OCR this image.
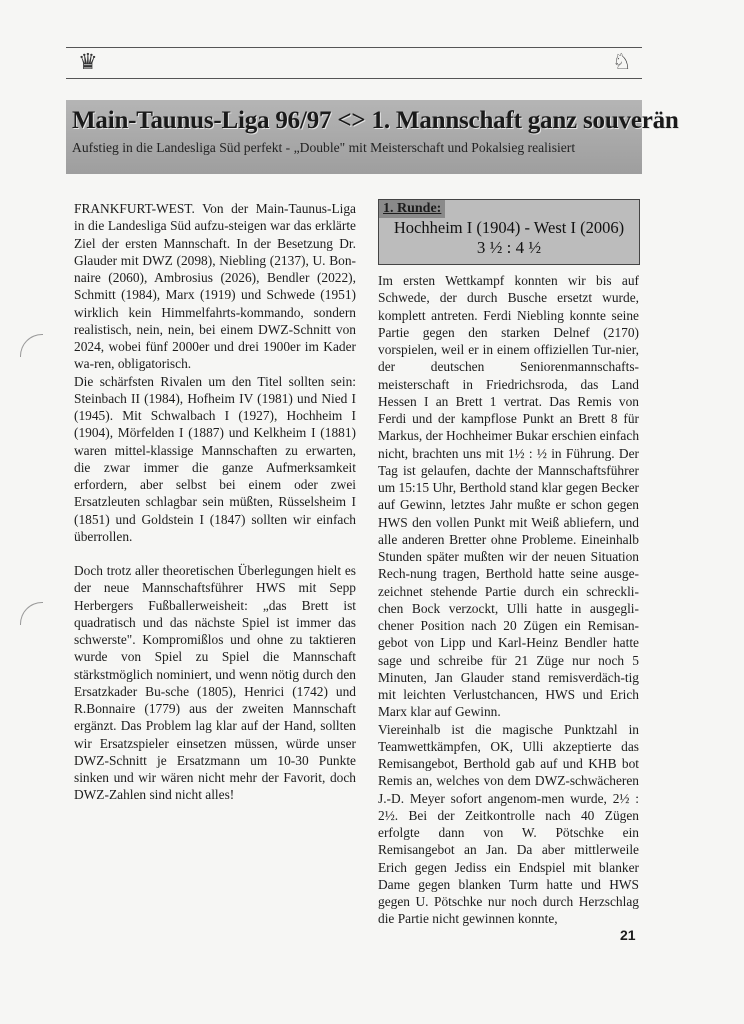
♛	♘
Main-Taunus-Liga 96/97 <> 1. Mannschaft ganz souverän
Aufstieg in die Landesliga Süd perfekt - „Double" mit Meisterschaft und Pokalsieg realisiert

FRANKFURT-WEST. Von der Main-Taunus-Liga in die Landesliga Süd aufzu-steigen war das erklärte Ziel der ersten Mannschaft. In der Besetzung Dr. Glauder mit DWZ (2098), Niebling (2137), U. Bon-naire (2060), Ambrosius (2026), Bendler (2022), Schmitt (1984), Marx (1919) und Schwede (1951) wirklich kein Himmelfahrts-kommando, sondern realistisch, nein, nein, bei einem DWZ-Schnitt von 2024, wobei fünf 2000er und drei 1900er im Kader wa-ren, obligatorisch.

Die schärfsten Rivalen um den Titel sollten sein: Steinbach II (1984), Hofheim IV (1981) und Nied I (1945). Mit Schwalbach I (1927), Hochheim I (1904), Mörfelden I (1887) und Kelkheim I (1881) waren mittel-klassige Mannschaften zu erwarten, die zwar immer die ganze Aufmerksamkeit erfordern, aber selbst bei einem oder zwei Ersatzleuten schlagbar sein müßten, Rüsselsheim I (1851) und Goldstein I (1847) sollten wir einfach überrollen.

Doch trotz aller theoretischen Überlegungen hielt es der neue Mannschaftsführer HWS mit Sepp Herbergers Fußballerweisheit: „das Brett ist quadratisch und das nächste Spiel ist immer das schwerste". Kompromißlos und ohne zu taktieren wurde von Spiel zu Spiel die Mannschaft stärkstmöglich nominiert, und wenn nötig durch den Ersatzkader Bu-sche (1805), Henrici (1742) und R.Bonnaire (1779) aus der zweiten Mannschaft ergänzt. Das Problem lag klar auf der Hand, sollten wir Ersatzspieler einsetzen müssen, würde unser DWZ-Schnitt je Ersatzmann um 10-30 Punkte sinken und wir wären nicht mehr der Favorit, doch DWZ-Zahlen sind nicht alles!

1. Runde:
Hochheim I (1904) - West I (2006)
3 ½ : 4 ½

Im ersten Wettkampf konnten wir bis auf Schwede, der durch Busche ersetzt wurde, komplett antreten. Ferdi Niebling konnte seine Partie gegen den starken Delnef (2170) vorspielen, weil er in einem offiziellen Tur-nier, der deutschen Seniorenmannschafts-meisterschaft in Friedrichsroda, das Land Hessen I an Brett 1 vertrat. Das Remis von Ferdi und der kampflose Punkt an Brett 8 für Markus, der Hochheimer Bukar erschien einfach nicht, brachten uns mit 1½ : ½ in Führung. Der Tag ist gelaufen, dachte der Mannschaftsführer um 15:15 Uhr, Berthold stand klar gegen Becker auf Gewinn, letztes Jahr mußte er schon gegen HWS den vollen Punkt mit Weiß abliefern, und alle anderen Bretter ohne Probleme. Eineinhalb Stunden später mußten wir der neuen Situation Rech-nung tragen, Berthold hatte seine ausge-zeichnet stehende Partie durch ein schreckli-chen Bock verzockt, Ulli hatte in ausgegli-chener Position nach 20 Zügen ein Remisan-gebot von Lipp und Karl-Heinz Bendler hatte sage und schreibe für 21 Züge nur noch 5 Minuten, Jan Glauder stand remisverdäch-tig mit leichten Verlustchancen, HWS und Erich Marx klar auf Gewinn.

Viereinhalb ist die magische Punktzahl in Teamwettkämpfen, OK, Ulli akzeptierte das Remisangebot, Berthold gab auf und KHB bot Remis an, welches von dem DWZ-schwächeren J.-D. Meyer sofort angenom-men wurde, 2½ : 2½. Bei der Zeitkontrolle nach 40 Zügen erfolgte dann von W. Pötschke ein Remisangebot an Jan. Da aber mittlerweile Erich gegen Jediss ein Endspiel mit blanker Dame gegen blanken Turm hatte und HWS gegen U. Pötschke nur noch durch Herzschlag die Partie nicht gewinnen konnte,

21
